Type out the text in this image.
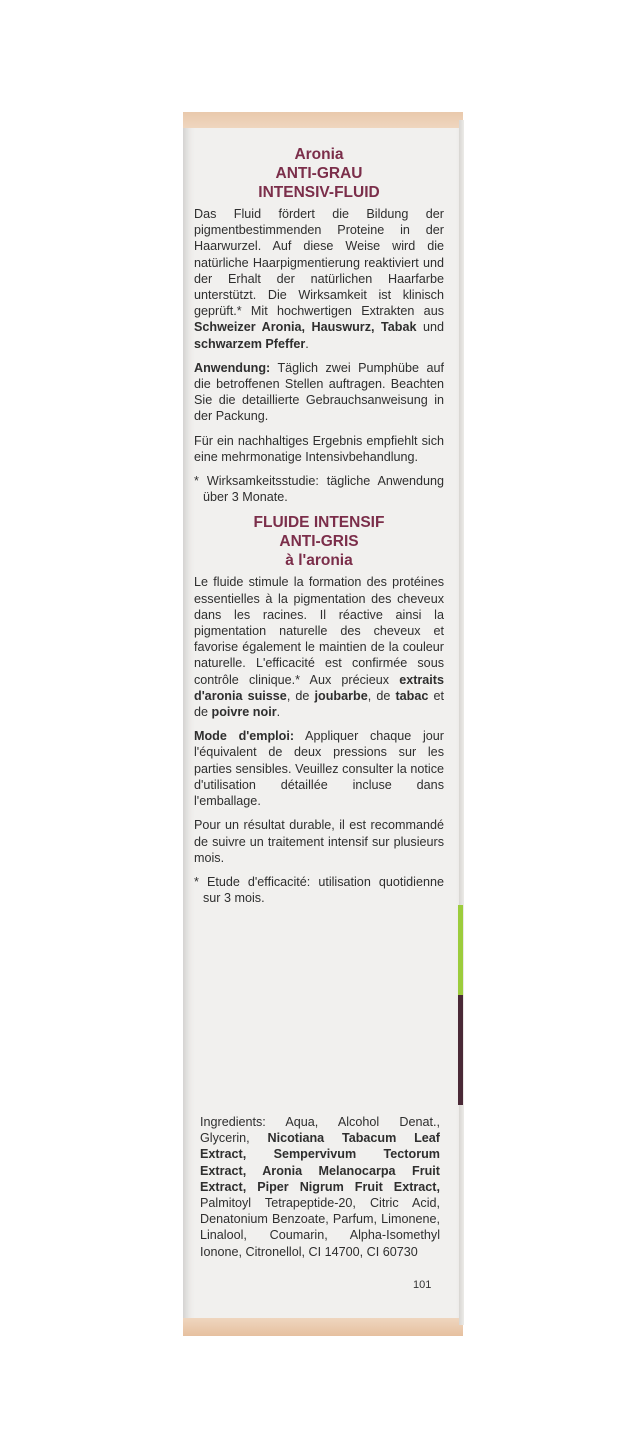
Aronia
ANTI-GRAU
INTENSIV-FLUID

Das Fluid fördert die Bildung der pigmentbestimmenden Proteine in der Haarwurzel. Auf diese Weise wird die natürliche Haarpigmentierung reaktiviert und der Erhalt der natürlichen Haarfarbe unterstützt. Die Wirksamkeit ist klinisch geprüft.* Mit hochwertigen Extrakten aus Schweizer Aronia, Hauswurz, Tabak und schwarzem Pfeffer.

Anwendung: Täglich zwei Pumphübe auf die betroffenen Stellen auftragen. Beachten Sie die detaillierte Gebrauchsanweisung in der Packung.

Für ein nachhaltiges Ergebnis empfiehlt sich eine mehrmonatige Intensivbehandlung.

* Wirksamkeitsstudie: tägliche Anwendung über 3 Monate.

FLUIDE INTENSIF
ANTI-GRIS
à l'aronia

Le fluide stimule la formation des protéines essentielles à la pigmentation des cheveux dans les racines. Il réactive ainsi la pigmentation naturelle des cheveux et favorise également le maintien de la couleur naturelle. L'efficacité est confirmée sous contrôle clinique.* Aux précieux extraits d'aronia suisse, de joubarbe, de tabac et de poivre noir.

Mode d'emploi: Appliquer chaque jour l'équivalent de deux pressions sur les parties sensibles. Veuillez consulter la notice d'utilisation détaillée incluse dans l'emballage.

Pour un résultat durable, il est recommandé de suivre un traitement intensif sur plusieurs mois.

* Etude d'efficacité: utilisation quotidienne sur 3 mois.

Ingredients: Aqua, Alcohol Denat., Glycerin, Nicotiana Tabacum Leaf Extract, Sempervivum Tectorum Extract, Aronia Melanocarpa Fruit Extract, Piper Nigrum Fruit Extract, Palmitoyl Tetrapeptide-20, Citric Acid, Denatonium Benzoate, Parfum, Limonene, Linalool, Coumarin, Alpha-Isomethyl Ionone, Citronellol, CI 14700, CI 60730

101
